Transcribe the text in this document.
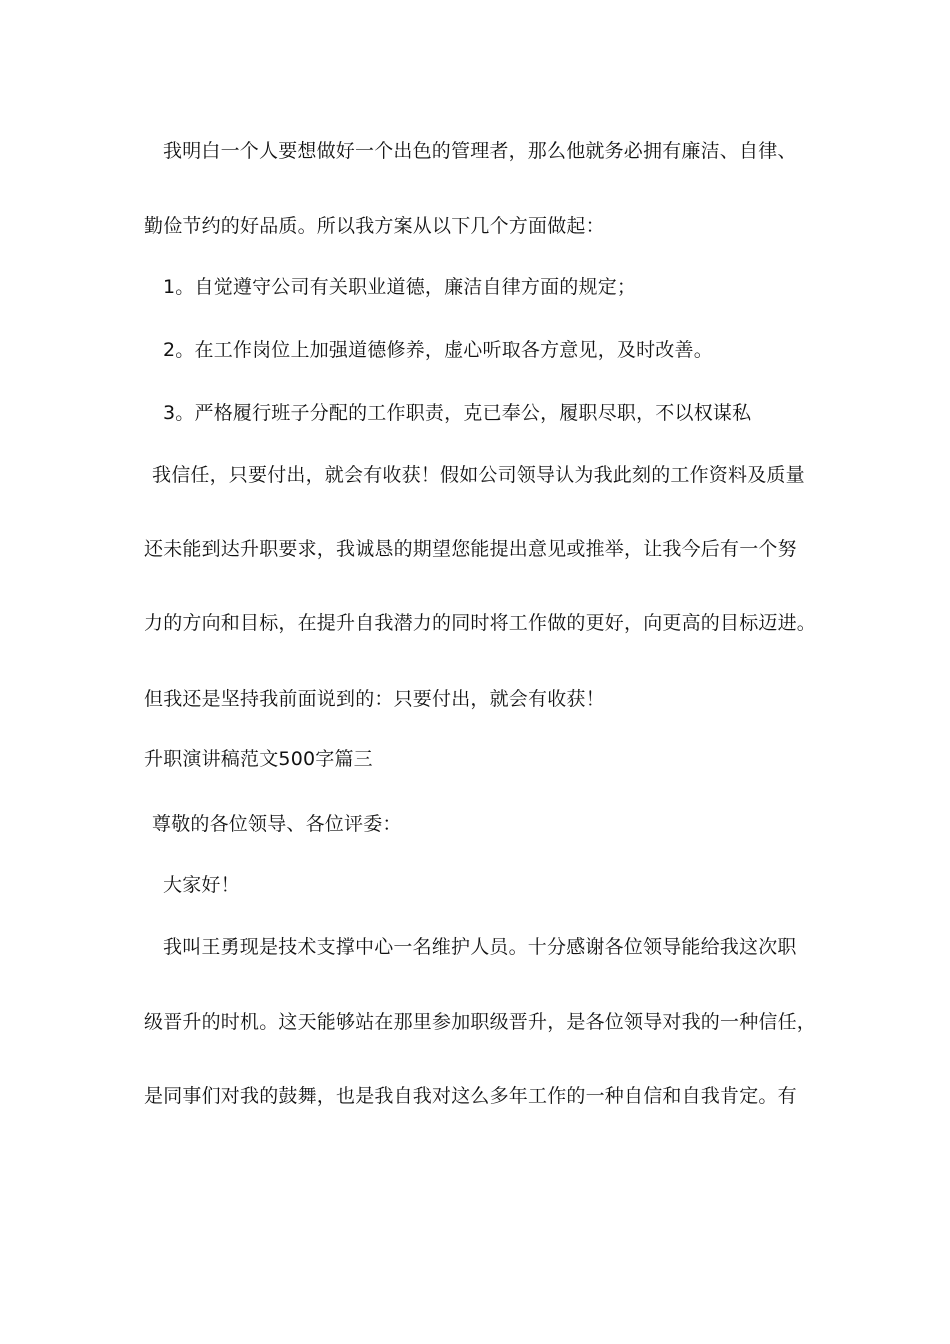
我明白一个人要想做好一个出色的管理者，那么他就务必拥有廉洁、自律、

勤俭节约的好品质。所以我方案从以下几个方面做起：

1。自觉遵守公司有关职业道德，廉洁自律方面的规定；

2。在工作岗位上加强道德修养，虚心听取各方意见，及时改善。

3。严格履行班子分配的工作职责，克已奉公，履职尽职，不以权谋私

我信任，只要付出，就会有收获！假如公司领导认为我此刻的工作资料及质量

还未能到达升职要求，我诚恳的期望您能提出意见或推举，让我今后有一个努

力的方向和目标，在提升自我潜力的同时将工作做的更好，向更高的目标迈进。

但我还是坚持我前面说到的：只要付出，就会有收获！

升职演讲稿范文500字篇三

尊敬的各位领导、各位评委：

大家好！

我叫王勇现是技术支撑中心一名维护人员。十分感谢各位领导能给我这次职

级晋升的时机。这天能够站在那里参加职级晋升，是各位领导对我的一种信任，

是同事们对我的鼓舞，也是我自我对这么多年工作的一种自信和自我肯定。有
